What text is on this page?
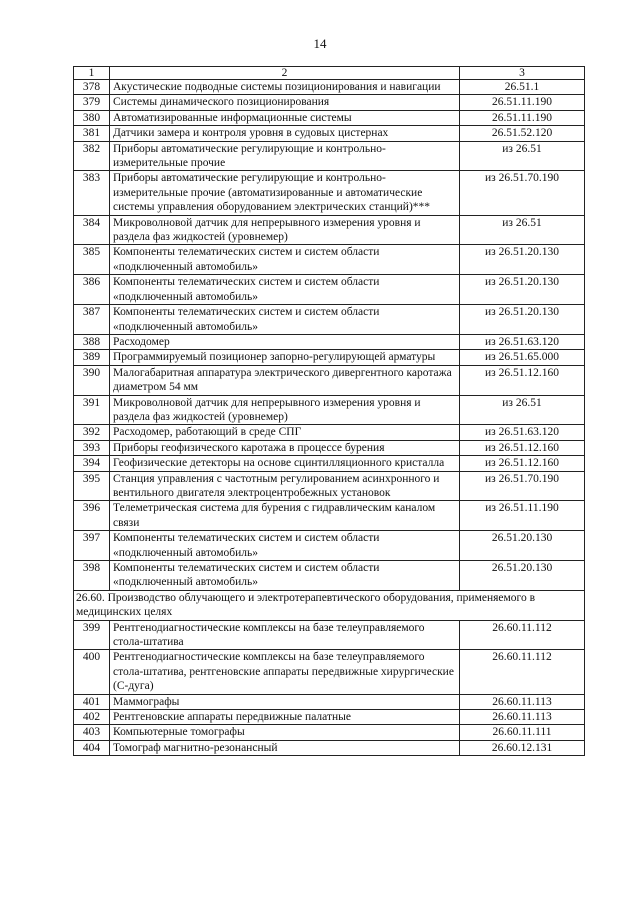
14
1	2	3
378	Акустические подводные системы позиционирования и навигации	26.51.1
379	Системы динамического позиционирования	26.51.11.190
380	Автоматизированные информационные системы	26.51.11.190
381	Датчики замера и контроля уровня в судовых цистернах	26.51.52.120
382	Приборы автоматические регулирующие и контрольно-измерительные прочие	из 26.51
383	Приборы автоматические регулирующие и контрольно-измерительные прочие (автоматизированные и автоматические системы управления оборудованием электрических станций)***	из 26.51.70.190
384	Микроволновой датчик для непрерывного измерения уровня и раздела фаз жидкостей (уровнемер)	из 26.51
385	Компоненты телематических систем и систем области «подключенный автомобиль»	из 26.51.20.130
386	Компоненты телематических систем и систем области «подключенный автомобиль»	из 26.51.20.130
387	Компоненты телематических систем и систем области «подключенный автомобиль»	из 26.51.20.130
388	Расходомер	из 26.51.63.120
389	Программируемый позиционер запорно-регулирующей арматуры	из 26.51.65.000
390	Малогабаритная аппаратура электрического дивергентного каротажа диаметром 54 мм	из 26.51.12.160
391	Микроволновой датчик для непрерывного измерения уровня и раздела фаз жидкостей (уровнемер)	из 26.51
392	Расходомер, работающий в среде СПГ	из 26.51.63.120
393	Приборы геофизического каротажа в процессе бурения	из 26.51.12.160
394	Геофизические детекторы на основе сцинтилляционного кристалла	из 26.51.12.160
395	Станция управления с частотным регулированием асинхронного и вентильного двигателя электроцентробежных установок	из 26.51.70.190
396	Телеметрическая система для бурения с гидравлическим каналом связи	из 26.51.11.190
397	Компоненты телематических систем и систем области «подключенный автомобиль»	26.51.20.130
398	Компоненты телематических систем и систем области «подключенный автомобиль»	26.51.20.130
26.60. Производство облучающего и электротерапевтического оборудования, применяемого в медицинских целях		
399	Рентгенодиагностические комплексы на базе телеуправляемого стола-штатива	26.60.11.112
400	Рентгенодиагностические комплексы на базе телеуправляемого стола-штатива, рентгеновские аппараты передвижные хирургические (С-дуга)	26.60.11.112
401	Маммографы	26.60.11.113
402	Рентгеновские аппараты передвижные палатные	26.60.11.113
403	Компьютерные томографы	26.60.11.111
404	Томограф магнитно-резонансный	26.60.12.131
